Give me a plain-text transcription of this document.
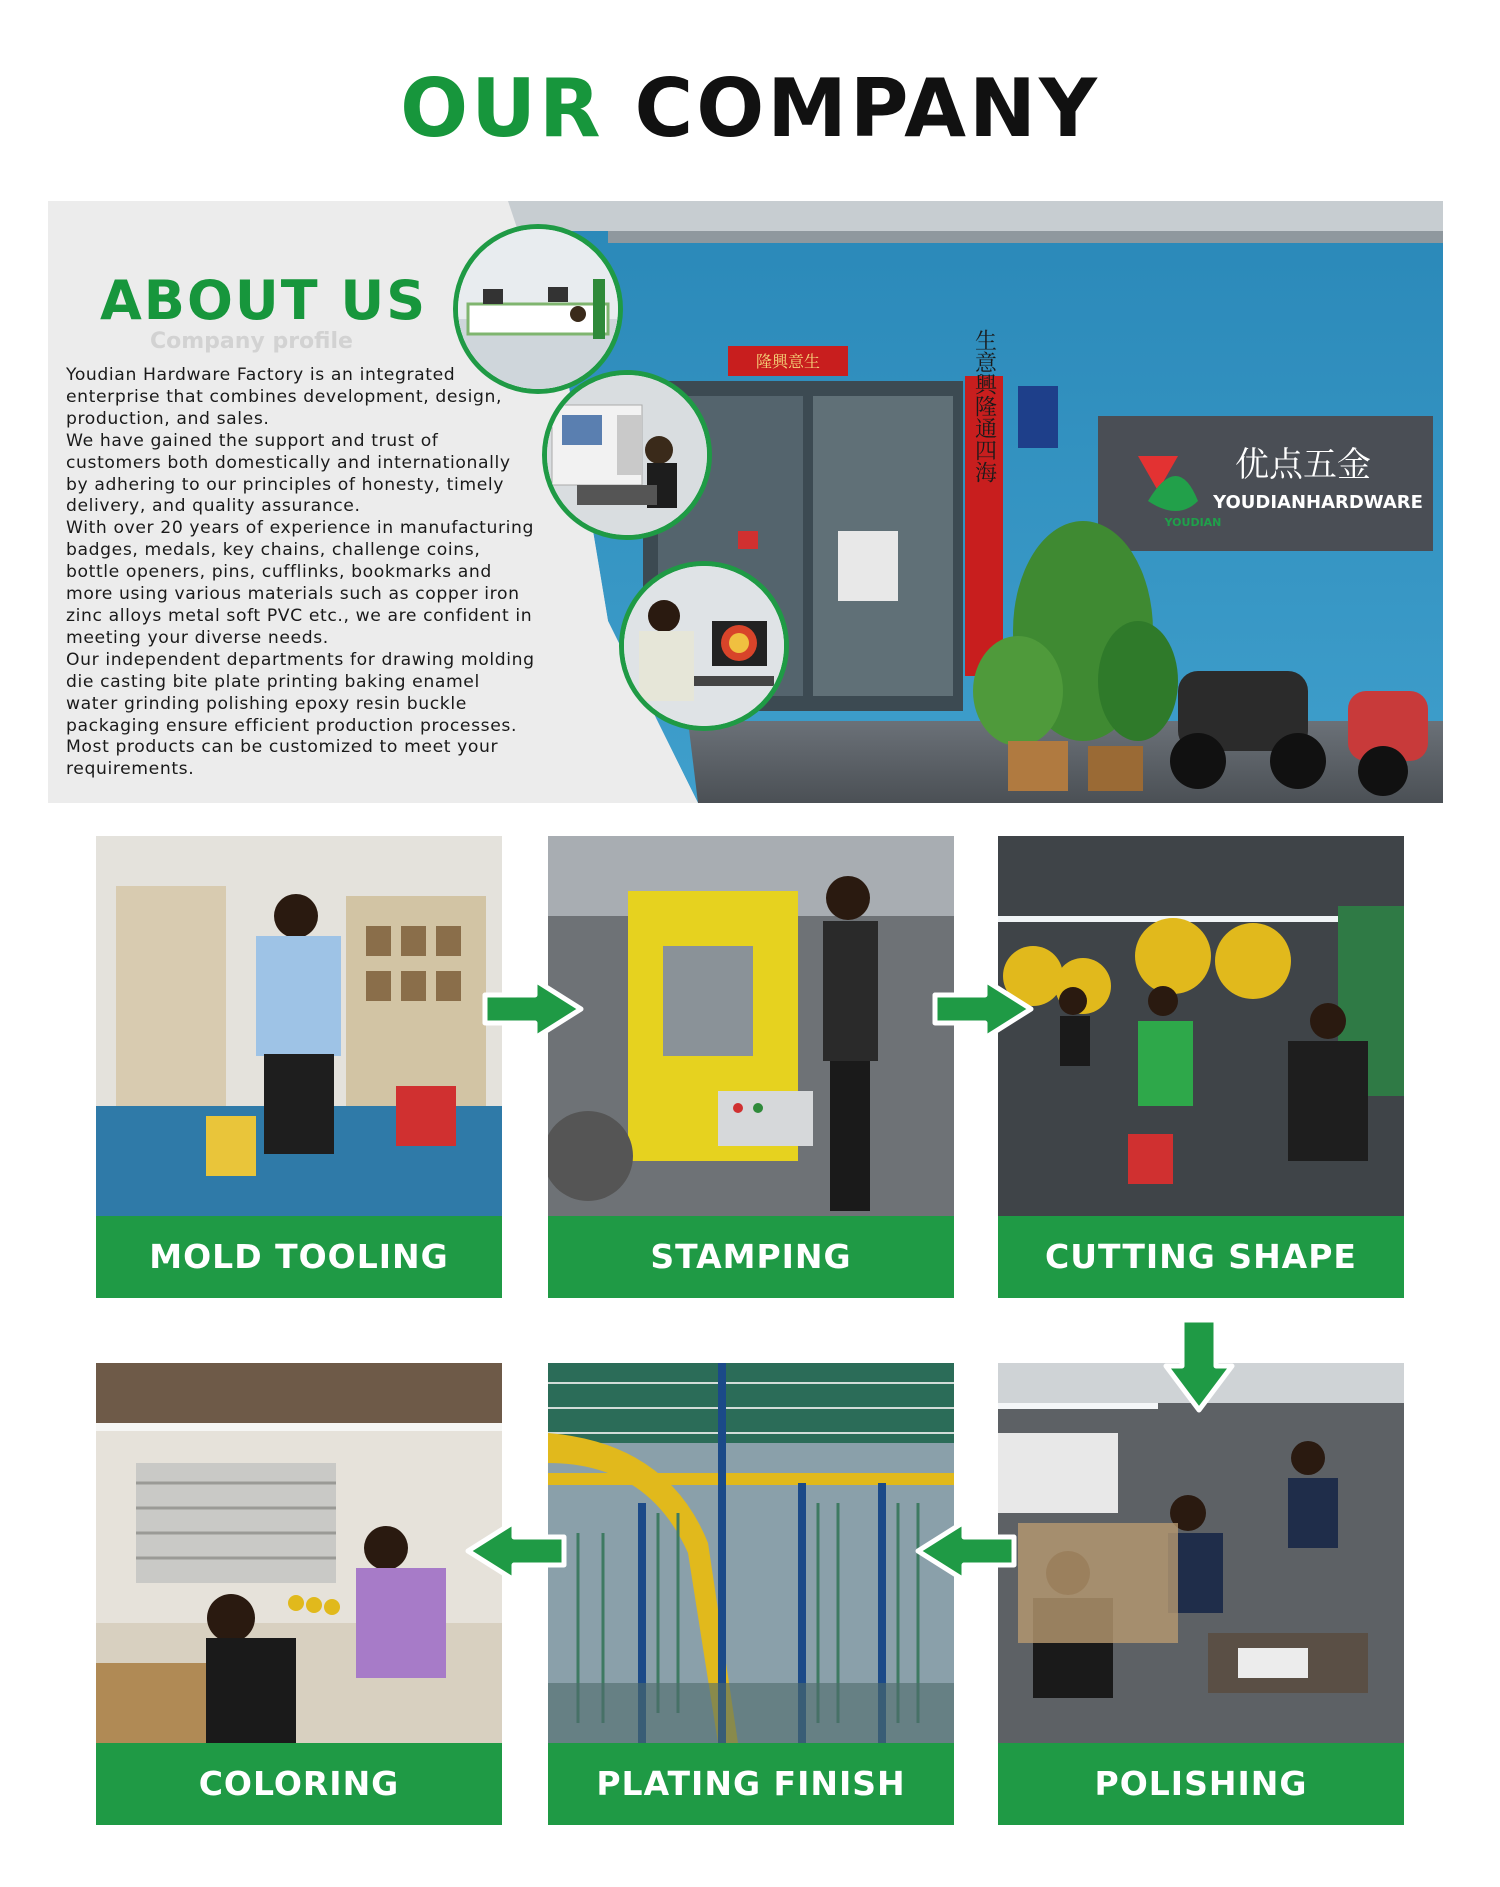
OUR COMPANY
隆興意生	生意興隆通四海
YOUDIAN
优点五金
YOUDIANHARDWARE
ABOUT US
Company profile

Youdian Hardware Factory is an integrated enterprise that combines development, design, production, and sales.

We have gained the support and trust of customers both domestically and internationally by adhering to our principles of honesty, timely delivery, and quality assurance.

With over 20 years of experience in manufacturing badges, medals, key chains, challenge coins, bottle openers, pins, cufflinks, bookmarks and more using various materials such as copper iron zinc alloys metal soft PVC etc., we are confident in meeting your diverse needs.

Our independent departments for drawing molding die casting bite plate printing baking enamel water grinding polishing epoxy resin buckle packaging ensure efficient production processes. Most products can be customized to meet your requirements.

MOLD TOOLING	STAMPING	CUTTING SHAPE
POLISHING
PLATING FINISH
COLORING
